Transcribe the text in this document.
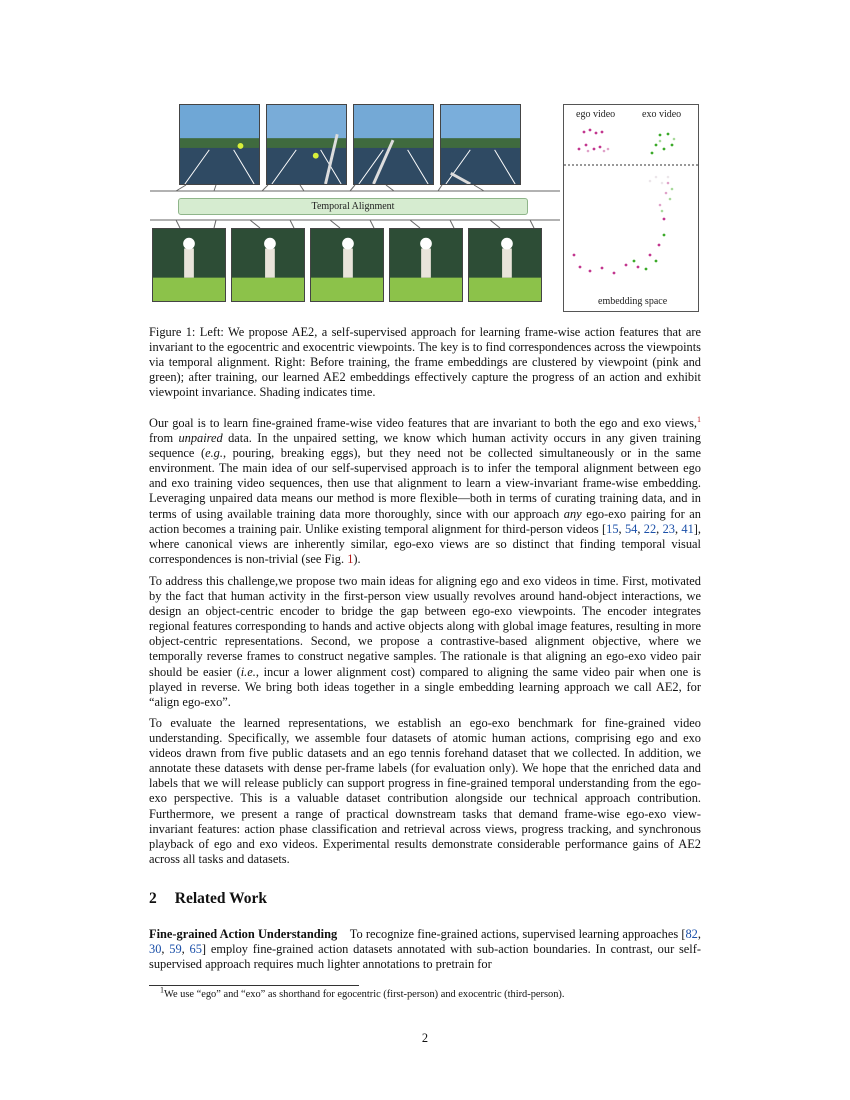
Temporal Alignment
ego video	exo video
embedding space

Figure 1: Left: We propose AE2, a self-supervised approach for learning frame-wise action features that are invariant to the egocentric and exocentric viewpoints. The key is to find correspondences across the viewpoints via temporal alignment. Right: Before training, the frame embeddings are clustered by viewpoint (pink and green); after training, our learned AE2 embeddings effectively capture the progress of an action and exhibit viewpoint invariance. Shading indicates time.

Our goal is to learn fine-grained frame-wise video features that are invariant to both the ego and exo views,$^1$ from unpaired data. In the unpaired setting, we know which human activity occurs in any given training sequence (e.g., pouring, breaking eggs), but they need not be collected simultaneously or in the same environment. The main idea of our self-supervised approach is to infer the temporal alignment between ego and exo training video sequences, then use that alignment to learn a view-invariant frame-wise embedding. Leveraging unpaired data means our method is more flexible—both in terms of curating training data, and in terms of using available training data more thoroughly, since with our approach any ego-exo pairing for an action becomes a training pair. Unlike existing temporal alignment for third-person videos [15, 54, 22, 23, 41], where canonical views are inherently similar, ego-exo views are so distinct that finding temporal visual correspondences is non-trivial (see Fig. 1).

To address this challenge,we propose two main ideas for aligning ego and exo videos in time. First, motivated by the fact that human activity in the first-person view usually revolves around hand-object interactions, we design an object-centric encoder to bridge the gap between ego-exo viewpoints. The encoder integrates regional features corresponding to hands and active objects along with global image features, resulting in more object-centric representations. Second, we propose a contrastive-based alignment objective, where we temporally reverse frames to construct negative samples. The rationale is that aligning an ego-exo video pair should be easier (i.e., incur a lower alignment cost) compared to aligning the same video pair when one is played in reverse. We bring both ideas together in a single embedding learning approach we call AE2, for “align ego-exo”.

To evaluate the learned representations, we establish an ego-exo benchmark for fine-grained video understanding. Specifically, we assemble four datasets of atomic human actions, comprising ego and exo videos drawn from five public datasets and an ego tennis forehand dataset that we collected. In addition, we annotate these datasets with dense per-frame labels (for evaluation only). We hope that the enriched data and labels that we will release publicly can support progress in fine-grained temporal understanding from the ego-exo perspective. This is a valuable dataset contribution alongside our technical approach contribution. Furthermore, we present a range of practical downstream tasks that demand frame-wise ego-exo view-invariant features: action phase classification and retrieval across views, progress tracking, and synchronous playback of ego and exo videos. Experimental results demonstrate considerable performance gains of AE2 across all tasks and datasets.

2 Related Work

Fine-grained Action Understanding    To recognize fine-grained actions, supervised learning approaches [82, 30, 59, 65] employ fine-grained action datasets annotated with sub-action boundaries. In contrast, our self-supervised approach requires much lighter annotations to pretrain for

$^1$We use “ego” and “exo” as shorthand for egocentric (first-person) and exocentric (third-person).
2
